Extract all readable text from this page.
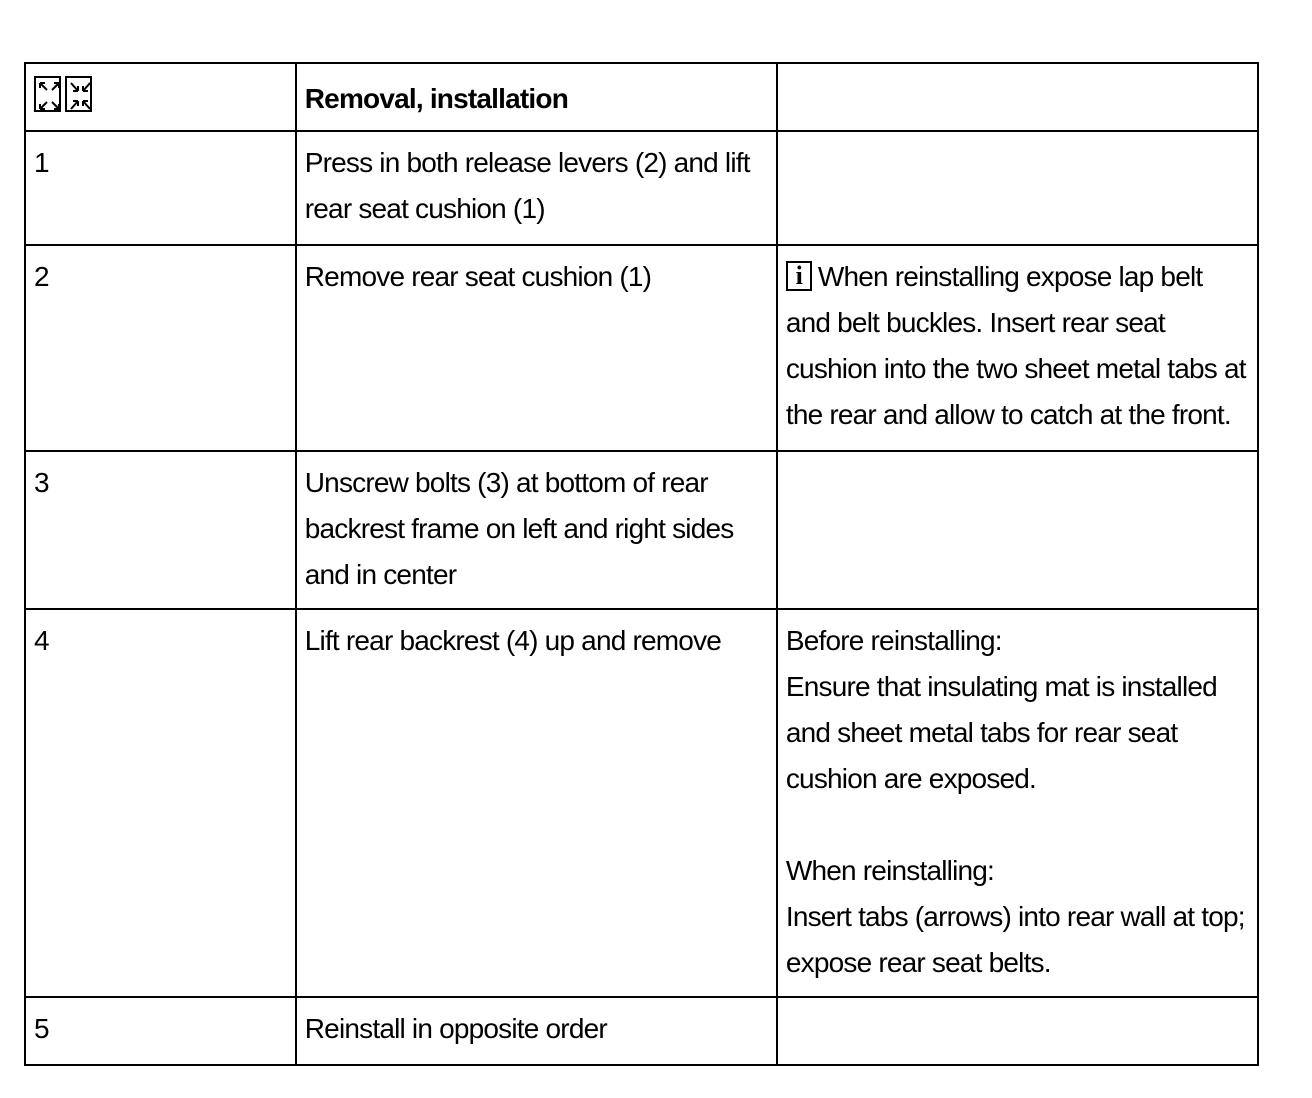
	Removal, installation	
1	Press in both release levers (2) and lift rear seat cushion (1)	
2	Remove rear seat cushion (1)	i When reinstalling expose lap belt and belt buckles. Insert rear seat cushion into the two sheet metal tabs at the rear and allow to catch at the front.
3	Unscrew bolts (3) at bottom of rear backrest frame on left and right sides and in center	
4	Lift rear backrest (4) up and remove	Before reinstalling:
Ensure that insulating mat is installed and sheet metal tabs for rear seat cushion are exposed.
When reinstalling:
Insert tabs (arrows) into rear wall at top; expose rear seat belts.

5	Reinstall in opposite order	
